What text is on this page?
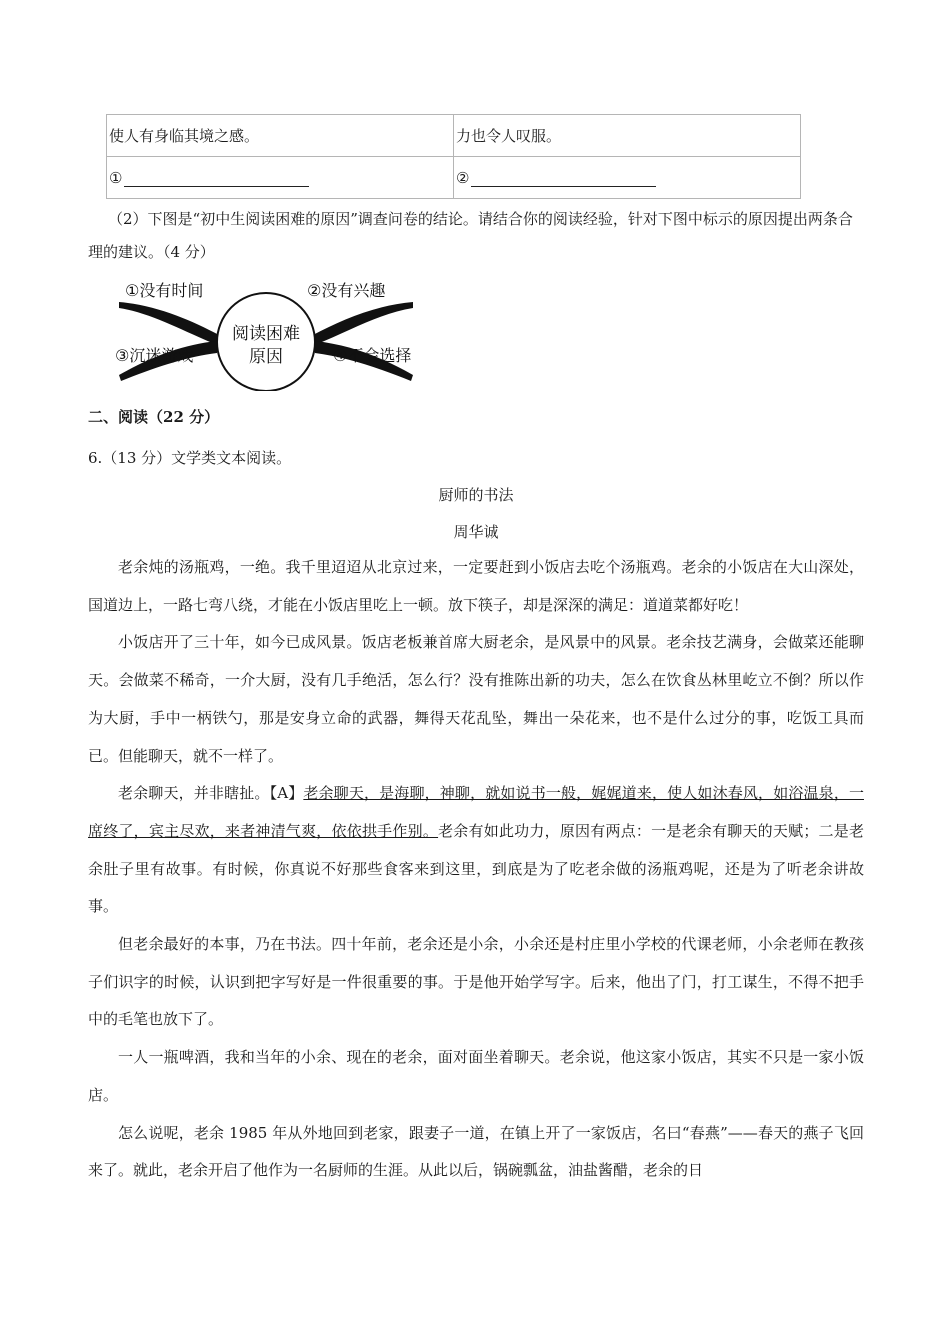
使人有身临其境之感。	力也令人叹服。
①	②

（2）下图是“初中生阅读困难的原因”调查问卷的结论。请结合你的阅读经验，针对下图中标示的原因提出两条合理的建议。（4 分）

阅读困难
原因
①没有时间	②没有兴趣
③沉迷游戏	④不会选择

二、阅读（22 分）

6.（13 分）文学类文本阅读。

厨师的书法

周华诚

老余炖的汤瓶鸡，一绝。我千里迢迢从北京过来，一定要赶到小饭店去吃个汤瓶鸡。老余的小饭店在大山深处，国道边上，一路七弯八绕，才能在小饭店里吃上一顿。放下筷子，却是深深的满足：道道菜都好吃！

小饭店开了三十年，如今已成风景。饭店老板兼首席大厨老余，是风景中的风景。老余技艺满身，会做菜还能聊天。会做菜不稀奇，一介大厨，没有几手绝活，怎么行？没有推陈出新的功夫，怎么在饮食丛林里屹立不倒？所以作为大厨，手中一柄铁勺，那是安身立命的武器，舞得天花乱坠，舞出一朵花来，也不是什么过分的事，吃饭工具而已。但能聊天，就不一样了。

老余聊天，并非瞎扯。【A】老余聊天，是海聊，神聊，就如说书一般，娓娓道来，使人如沐春风，如浴温泉，一席终了，宾主尽欢，来者神清气爽，依依拱手作别。老余有如此功力，原因有两点：一是老余有聊天的天赋；二是老余肚子里有故事。有时候，你真说不好那些食客来到这里，到底是为了吃老余做的汤瓶鸡呢，还是为了听老余讲故事。

但老余最好的本事，乃在书法。四十年前，老余还是小余，小余还是村庄里小学校的代课老师，小余老师在教孩子们识字的时候，认识到把字写好是一件很重要的事。于是他开始学写字。后来，他出了门，打工谋生，不得不把手中的毛笔也放下了。

一人一瓶啤酒，我和当年的小余、现在的老余，面对面坐着聊天。老余说，他这家小饭店，其实不只是一家小饭店。

怎么说呢，老余 1985 年从外地回到老家，跟妻子一道，在镇上开了一家饭店，名曰“春燕”——春天的燕子飞回来了。就此，老余开启了他作为一名厨师的生涯。从此以后，锅碗瓢盆，油盐酱醋，老余的日
